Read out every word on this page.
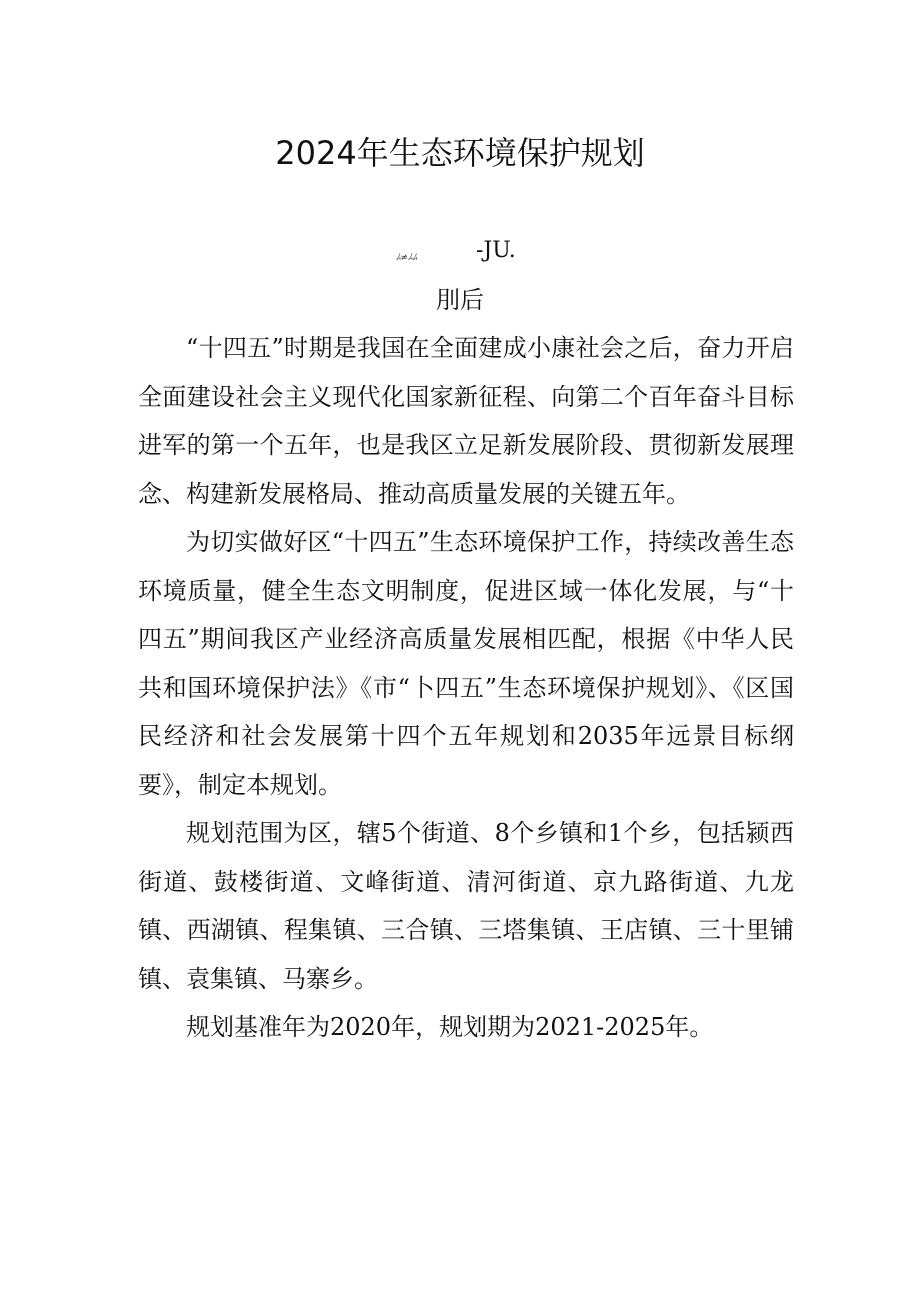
2024年生态环境保护规划
ﾑ≠ﾑﾑ	-JU.
刖后

“十四五”时期是我国在全面建成小康社会之后，奋力开启全面建设社会主义现代化国家新征程、向第二个百年奋斗目标进军的第一个五年，也是我区立足新发展阶段、贯彻新发展理念、构建新发展格局、推动高质量发展的关键五年。

为切实做好区“十四五”生态环境保护工作，持续改善生态环境质量，健全生态文明制度，促进区域一体化发展，与“十四五”期间我区产业经济高质量发展相匹配，根据《中华人民共和国环境保护法》《市“卜四五”生态环境保护规划》、《区国民经济和社会发展第十四个五年规划和2035年远景目标纲要》，制定本规划。

规划范围为区，辖5个街道、8个乡镇和1个乡，包括颍西街道、鼓楼街道、文峰街道、清河街道、京九路街道、九龙镇、西湖镇、程集镇、三合镇、三塔集镇、王店镇、三十里铺镇、袁集镇、马寨乡。

规划基准年为2020年，规划期为2021-2025年。
